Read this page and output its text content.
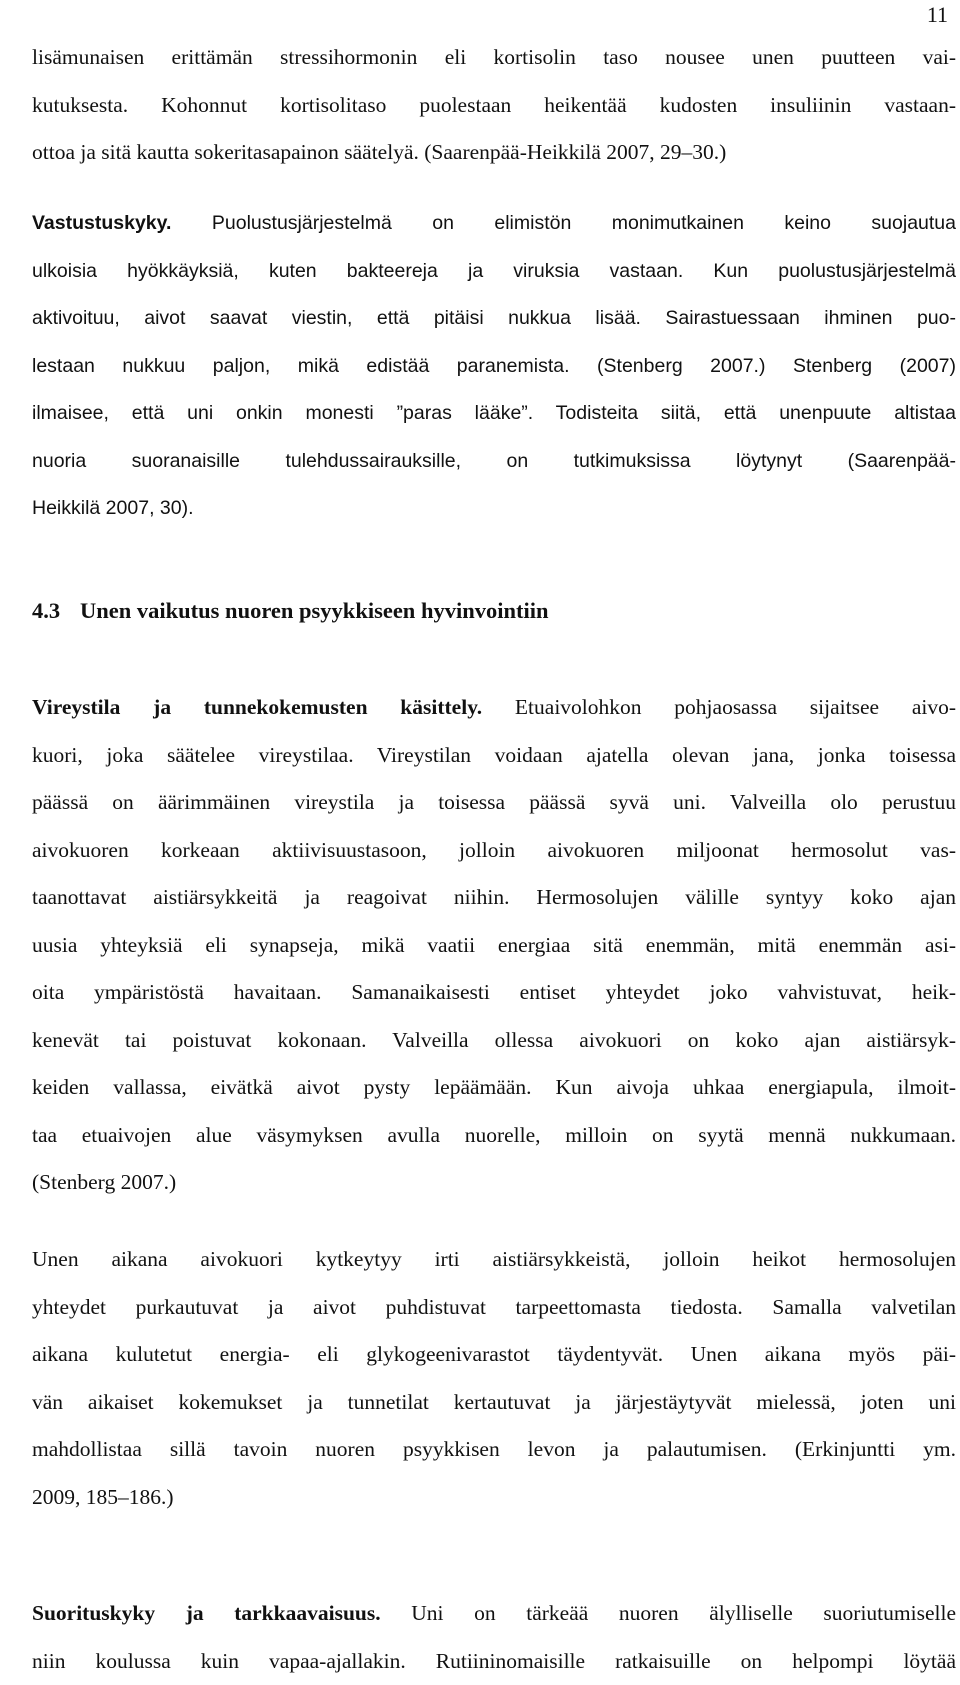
11
lisämunaisen erittämän stressihormonin eli kortisolin taso nousee unen puutteen vai-
kutuksesta. Kohonnut kortisolitaso puolestaan heikentää kudosten insuliinin vastaan-
ottoa ja sitä kautta sokeritasapainon säätelyä. (Saarenpää-Heikkilä 2007, 29–30.)
Vastustuskyky. Puolustusjärjestelmä on elimistön monimutkainen keino suojautua
ulkoisia hyökkäyksiä, kuten bakteereja ja viruksia vastaan. Kun puolustusjärjestelmä
aktivoituu, aivot saavat viestin, että pitäisi nukkua lisää. Sairastuessaan ihminen puo-
lestaan nukkuu paljon, mikä edistää paranemista. (Stenberg 2007.) Stenberg (2007)
ilmaisee, että uni onkin monesti ”paras lääke”. Todisteita siitä, että unenpuute altistaa
nuoria suoranaisille tulehdussairauksille, on tutkimuksissa löytynyt (Saarenpää-
Heikkilä 2007, 30).
4.3 Unen vaikutus nuoren psyykkiseen hyvinvointiin
Vireystila ja tunnekokemusten käsittely. Etuaivolohkon pohjaosassa sijaitsee aivo-
kuori, joka säätelee vireystilaa. Vireystilan voidaan ajatella olevan jana, jonka toisessa
päässä on äärimmäinen vireystila ja toisessa päässä syvä uni. Valveilla olo perustuu
aivokuoren korkeaan aktiivisuustasoon, jolloin aivokuoren miljoonat hermosolut vas-
taanottavat aistiärsykkeitä ja reagoivat niihin. Hermosolujen välille syntyy koko ajan
uusia yhteyksiä eli synapseja, mikä vaatii energiaa sitä enemmän, mitä enemmän asi-
oita ympäristöstä havaitaan. Samanaikaisesti entiset yhteydet joko vahvistuvat, heik-
kenevät tai poistuvat kokonaan. Valveilla ollessa aivokuori on koko ajan aistiärsyk-
keiden vallassa, eivätkä aivot pysty lepäämään. Kun aivoja uhkaa energiapula, ilmoit-
taa etuaivojen alue väsymyksen avulla nuorelle, milloin on syytä mennä nukkumaan.
(Stenberg 2007.)
Unen aikana aivokuori kytkeytyy irti aistiärsykkeistä, jolloin heikot hermosolujen
yhteydet purkautuvat ja aivot puhdistuvat tarpeettomasta tiedosta. Samalla valvetilan
aikana kulutetut energia- eli glykogeenivarastot täydentyvät. Unen aikana myös päi-
vän aikaiset kokemukset ja tunnetilat kertautuvat ja järjestäytyvät mielessä, joten uni
mahdollistaa sillä tavoin nuoren psyykkisen levon ja palautumisen. (Erkinjuntti ym.
2009, 185–186.)
Suorituskyky ja tarkkaavaisuus. Uni on tärkeää nuoren älylliselle suoriutumiselle
niin koulussa kuin vapaa-ajallakin. Rutiininomaisille ratkaisuille on helpompi löytää
